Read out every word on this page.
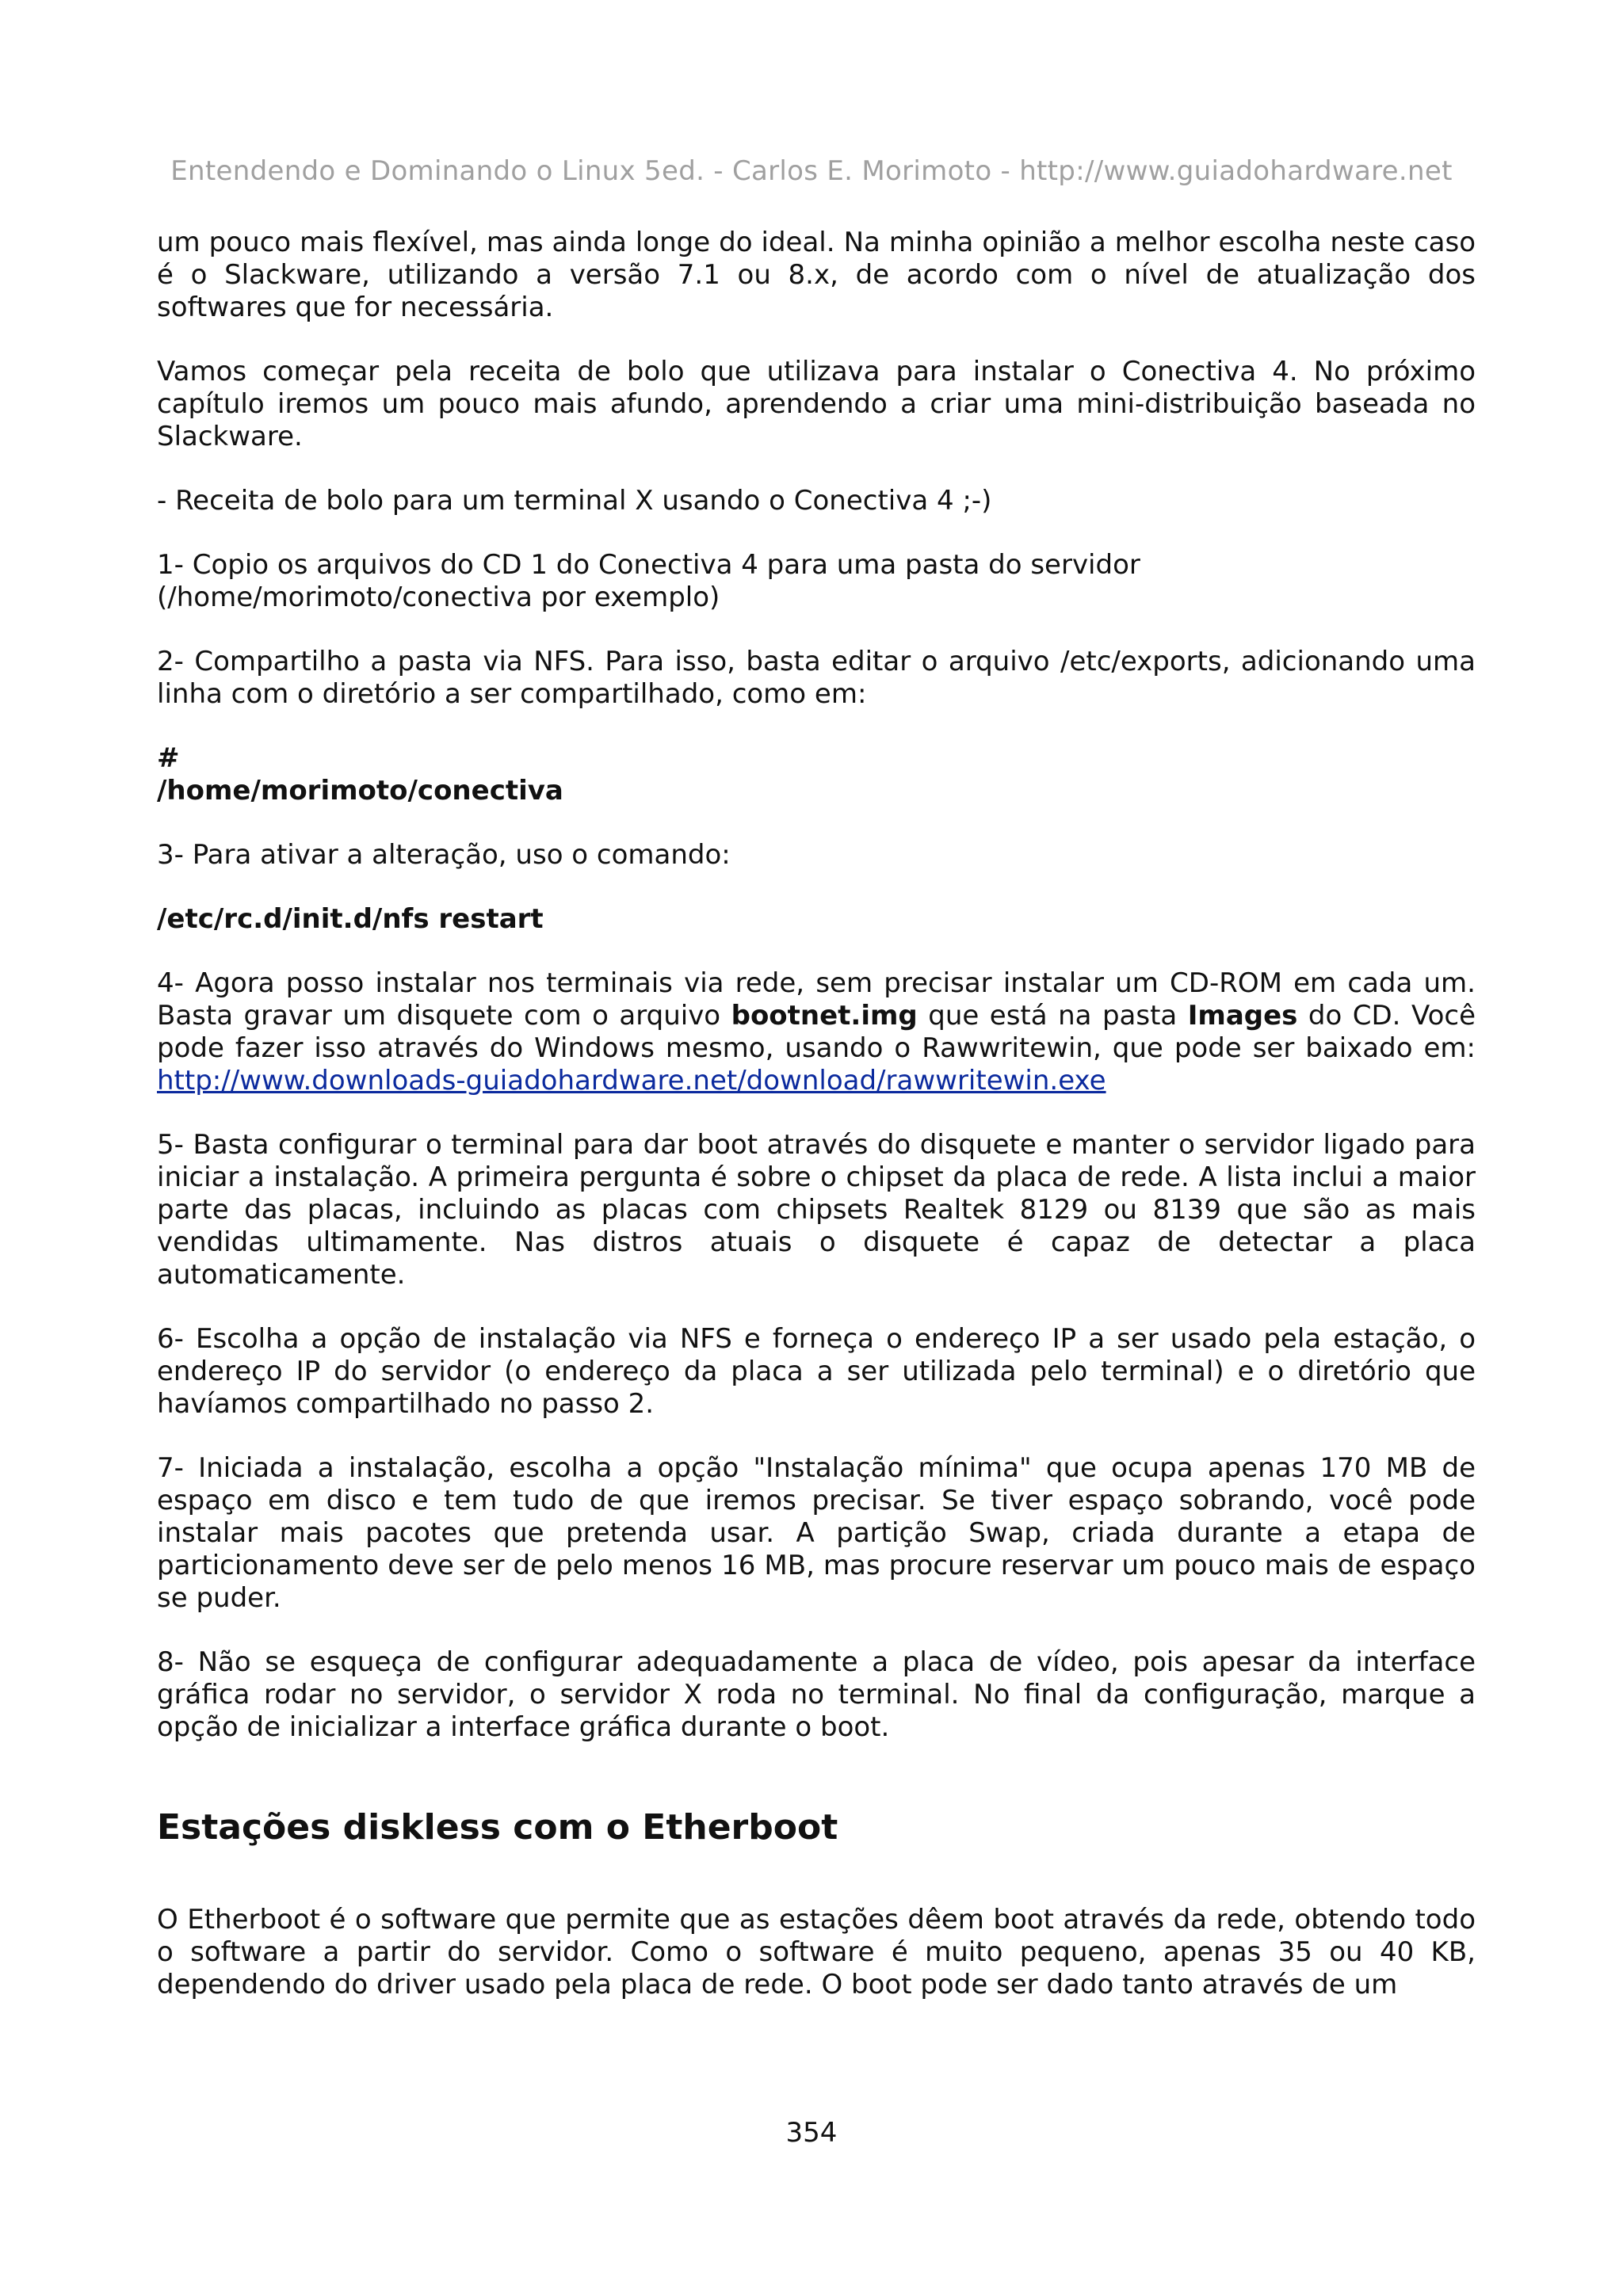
Entendendo e Dominando o Linux 5ed. - Carlos E. Morimoto - http://www.guiadohardware.net

um pouco mais flexível, mas ainda longe do ideal. Na minha opinião a melhor escolha neste caso é o Slackware, utilizando a versão 7.1 ou 8.x, de acordo com o nível de atualização dos softwares que for necessária.

Vamos começar pela receita de bolo que utilizava para instalar o Conectiva 4. No próximo capítulo iremos um pouco mais afundo, aprendendo a criar uma mini-distribuição baseada no Slackware.

- Receita de bolo para um terminal X usando o Conectiva 4 ;-)

1- Copio os arquivos do CD 1 do Conectiva 4 para uma pasta do servidor
(/home/morimoto/conectiva por exemplo)

2- Compartilho a pasta via NFS. Para isso, basta editar o arquivo /etc/exports, adicionando uma linha com o diretório a ser compartilhado, como em:

#
/home/morimoto/conectiva

3- Para ativar a alteração, uso o comando:

/etc/rc.d/init.d/nfs restart

4- Agora posso instalar nos terminais via rede, sem precisar instalar um CD-ROM em cada um. Basta gravar um disquete com o arquivo bootnet.img que está na pasta Images do CD. Você pode fazer isso através do Windows mesmo, usando o Rawwritewin, que pode ser baixado em: http://www.downloads-guiadohardware.net/download/rawwritewin.exe

5- Basta configurar o terminal para dar boot através do disquete e manter o servidor ligado para iniciar a instalação. A primeira pergunta é sobre o chipset da placa de rede. A lista inclui a maior parte das placas, incluindo as placas com chipsets Realtek 8129 ou 8139 que são as mais vendidas ultimamente. Nas distros atuais o disquete é capaz de detectar a placa automaticamente.

6- Escolha a opção de instalação via NFS e forneça o endereço IP a ser usado pela estação, o endereço IP do servidor (o endereço da placa a ser utilizada pelo terminal) e o diretório que havíamos compartilhado no passo 2.

7- Iniciada a instalação, escolha a opção "Instalação mínima" que ocupa apenas 170 MB de espaço em disco e tem tudo de que iremos precisar. Se tiver espaço sobrando, você pode instalar mais pacotes que pretenda usar. A partição Swap, criada durante a etapa de particionamento deve ser de pelo menos 16 MB, mas procure reservar um pouco mais de espaço se puder.

8- Não se esqueça de configurar adequadamente a placa de vídeo, pois apesar da interface gráfica rodar no servidor, o servidor X roda no terminal. No final da configuração, marque a opção de inicializar a interface gráfica durante o boot.

Estações diskless com o Etherboot

O Etherboot é o software que permite que as estações dêem boot através da rede, obtendo todo o software a partir do servidor. Como o software é muito pequeno, apenas 35 ou 40 KB, dependendo do driver usado pela placa de rede. O boot pode ser dado tanto através de um

354
